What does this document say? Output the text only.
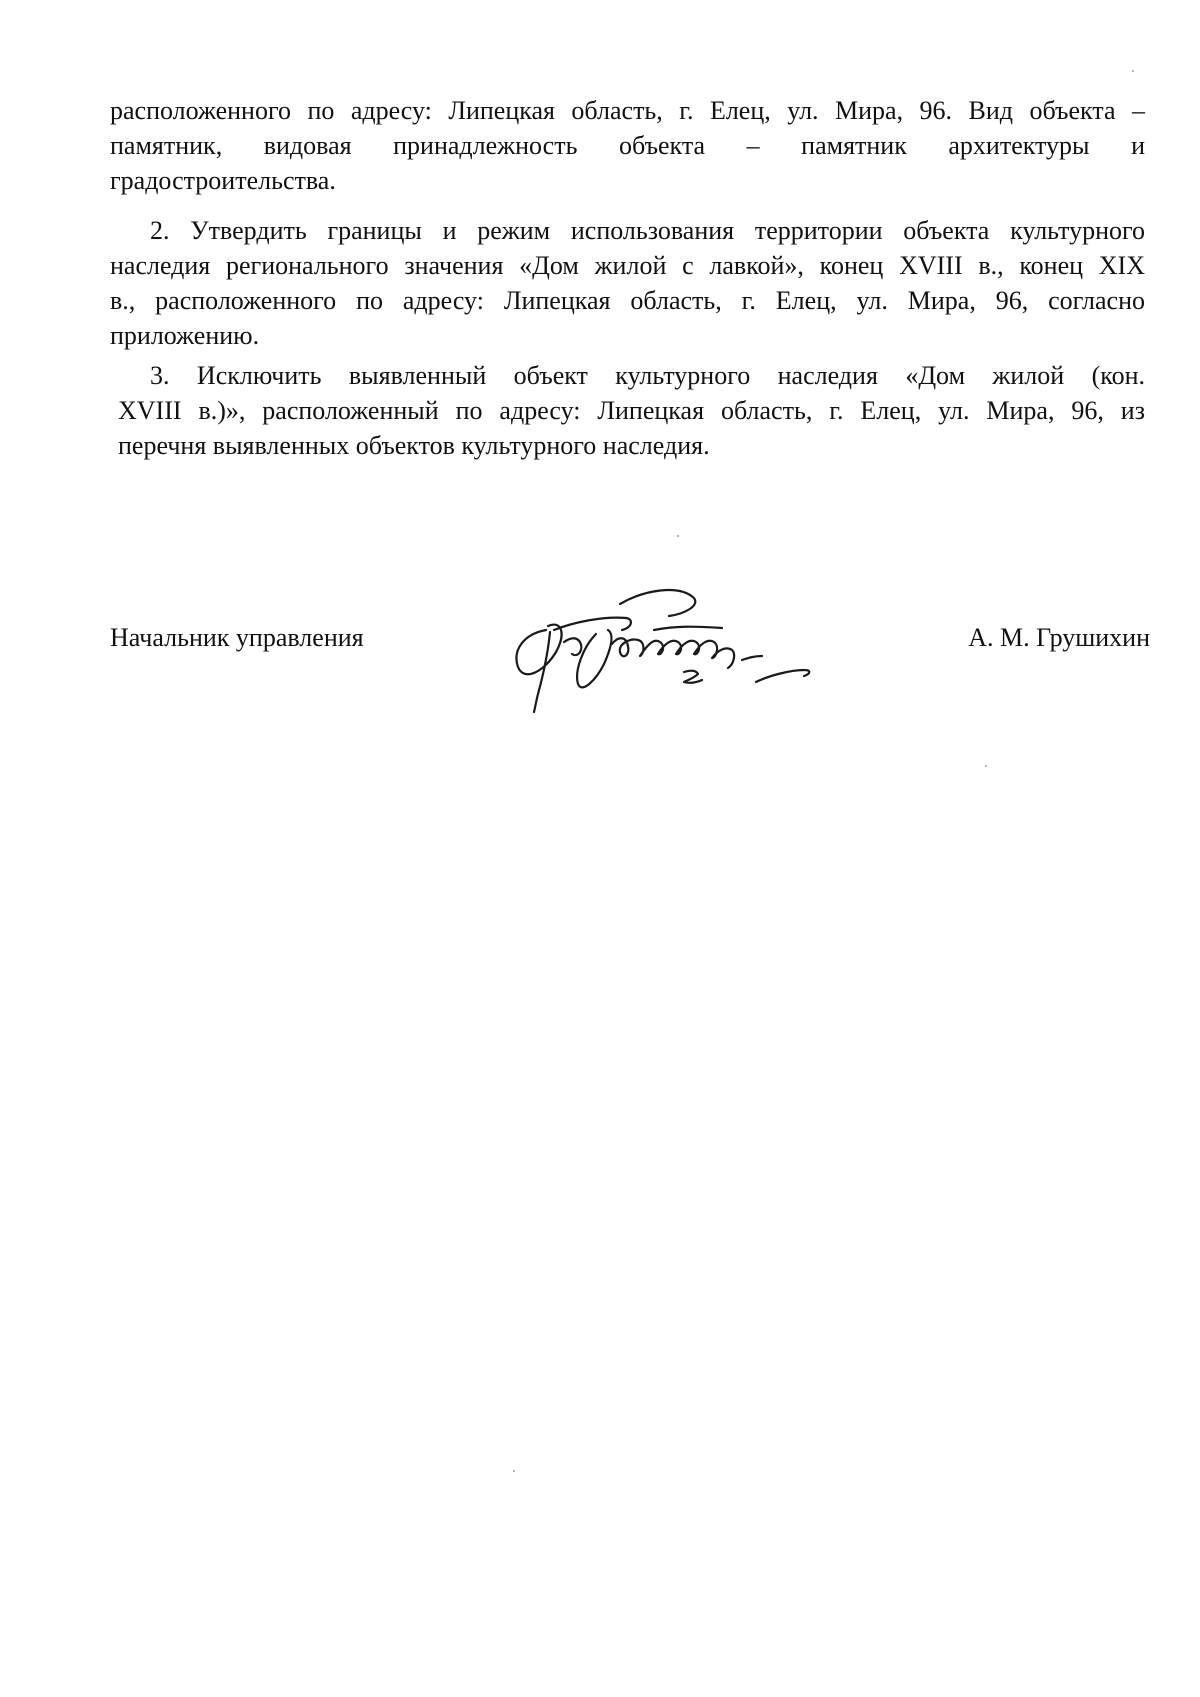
расположенного по адресу: Липецкая область, г. Елец, ул. Мира, 96. Вид объекта –

памятник, видовая принадлежность объекта – памятник архитектуры и

градостроительства.

2. Утвердить границы и режим использования территории объекта культурного

наследия регионального значения «Дом жилой с лавкой», конец XVIII в., конец XIX

в., расположенного по адресу: Липецкая область, г. Елец, ул. Мира, 96, согласно

приложению.

3. Исключить выявленный объект культурного наследия «Дом жилой (кон.

XVIII в.)», расположенный по адресу: Липецкая область, г. Елец, ул. Мира, 96, из

перечня выявленных объектов культурного наследия.

Начальник управления	А. М. Грушихин
